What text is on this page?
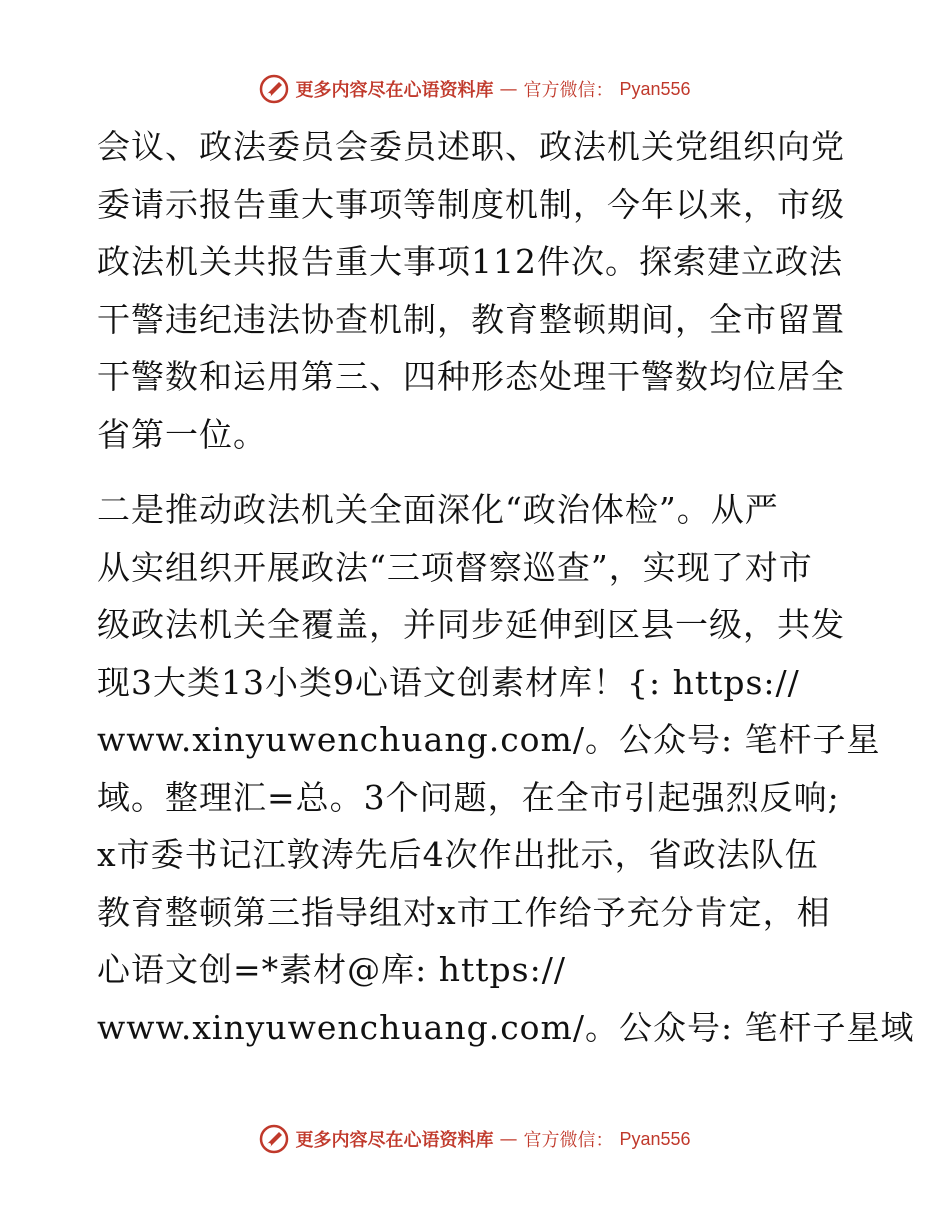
更多内容尽在心语资料库 — 官方微信： Pyan556
会议、政法委员会委员述职、政法机关党组织向党
委请示报告重大事项等制度机制，今年以来，市级
政法机关共报告重大事项112件次。探索建立政法
干警违纪违法协查机制，教育整顿期间，全市留置
干警数和运用第三、四种形态处理干警数均位居全
省第一位。
二是推动政法机关全面深化“政治体检”。从严
从实组织开展政法“三项督察巡查”，实现了对市
级政法机关全覆盖，并同步延伸到区县一级，共发
现3大类13小类9心语文创素材库！{: https://
www.xinyuwenchuang.com/。公众号: 笔杆子星
域。整理汇=总。3个问题，在全市引起强烈反响;
x市委书记江敦涛先后4次作出批示，省政法队伍
教育整顿第三指导组对x市工作给予充分肯定，相
心语文创=*素材@库: https://
www.xinyuwenchuang.com/。公众号: 笔杆子星域
更多内容尽在心语资料库 — 官方微信： Pyan556
